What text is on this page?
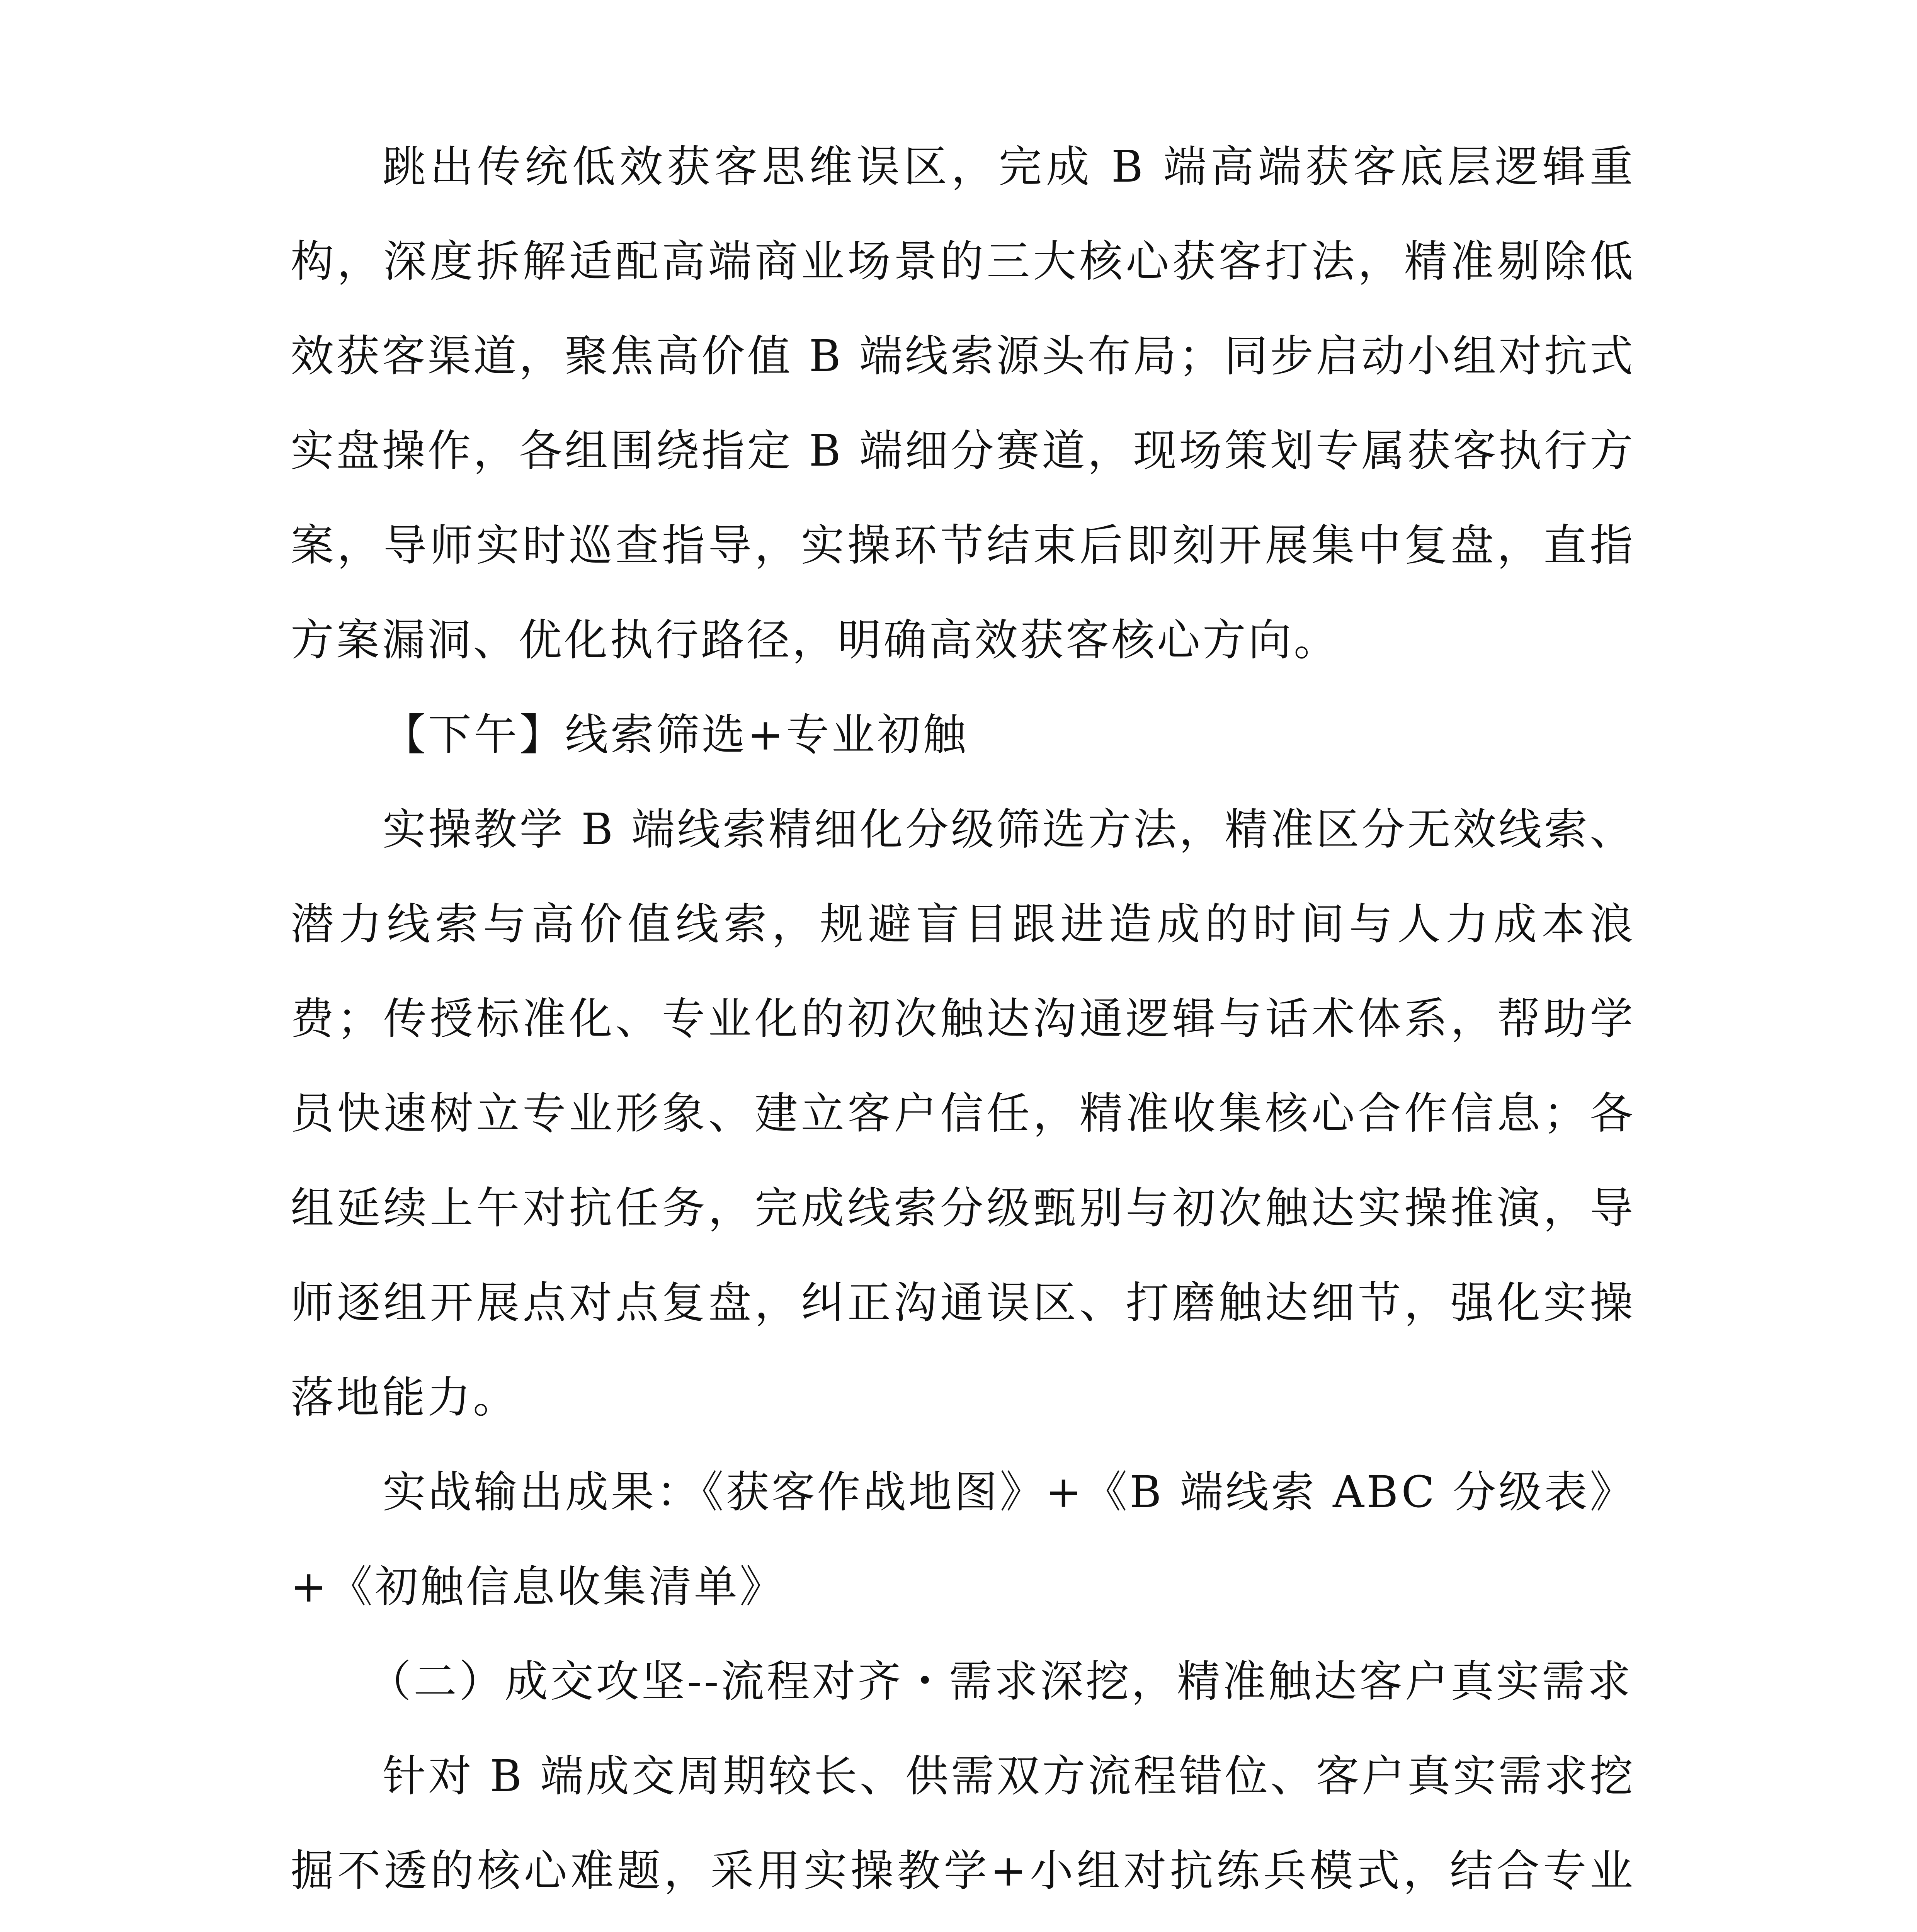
跳出传统低效获客思维误区，完成 B 端高端获客底层逻辑重构，深度拆解适配高端商业场景的三大核心获客打法，精准剔除低效获客渠道，聚焦高价值 B 端线索源头布局；同步启动小组对抗式实盘操作，各组围绕指定 B 端细分赛道，现场策划专属获客执行方案，导师实时巡查指导，实操环节结束后即刻开展集中复盘，直指方案漏洞、优化执行路径，明确高效获客核心方向。

【下午】线索筛选+专业初触

实操教学 B 端线索精细化分级筛选方法，精准区分无效线索、潜力线索与高价值线索，规避盲目跟进造成的时间与人力成本浪费；传授标准化、专业化的初次触达沟通逻辑与话术体系，帮助学员快速树立专业形象、建立客户信任，精准收集核心合作信息；各组延续上午对抗任务，完成线索分级甄别与初次触达实操推演，导师逐组开展点对点复盘，纠正沟通误区、打磨触达细节，强化实操落地能力。

实战输出成果：《获客作战地图》+《B 端线索 ABC 分级表》+《初触信息收集清单》

（二）成交攻坚--流程对齐・需求深挖，精准触达客户真实需求

针对 B 端成交周期较长、供需双方流程错位、客户真实需求挖掘不透的核心难题，采用实操教学+小组对抗练兵模式，结合专业
